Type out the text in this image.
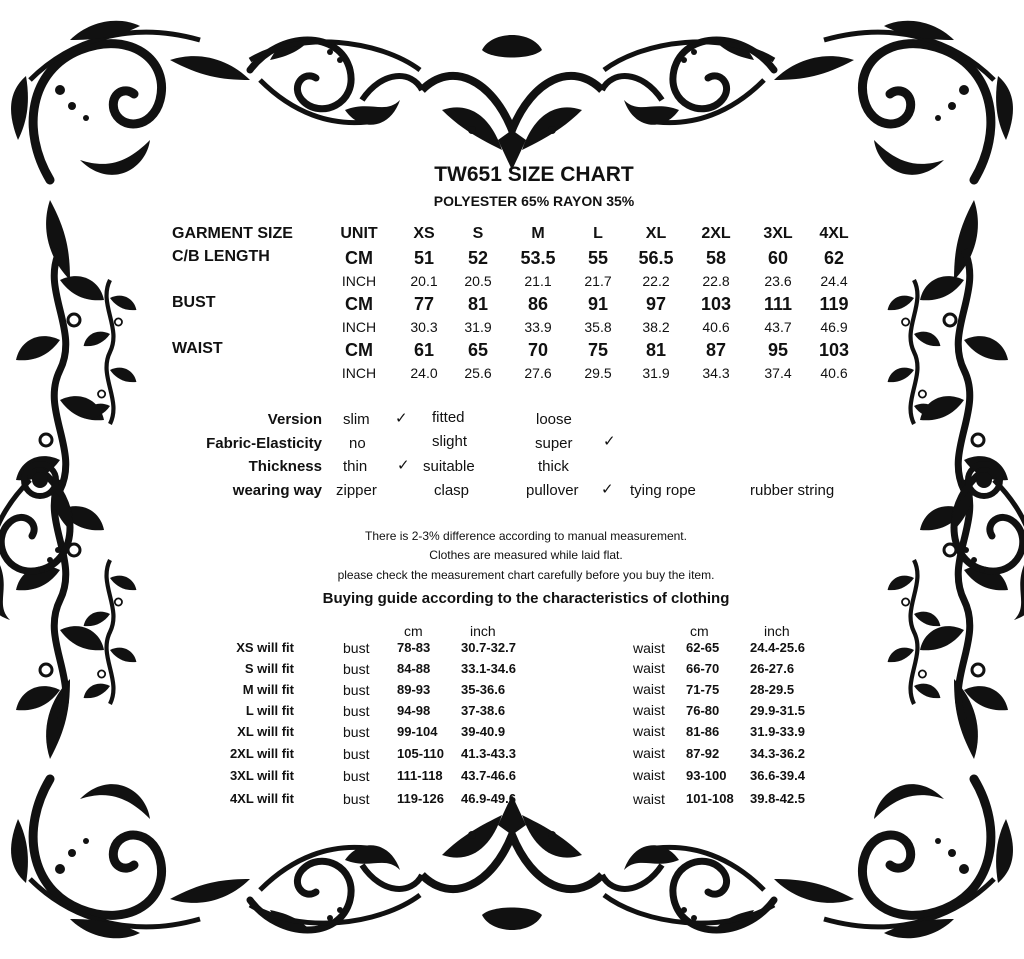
TW651 SIZE CHART
POLYESTER 65% RAYON 35%
GARMENT SIZE	UNIT XS S	M	L	XL 2XL 3XL 4XL
C/B LENGTH	CM 51 52 53.5 55 56.5 58 60 62
INCH 20.1 20.5 21.1 21.7 22.2 22.8 23.6 24.4
BUST	CM 77 81 86 91 97 103 111 119
INCH 30.3 31.9 33.9 35.8 38.2 40.6 43.7 46.9
WAIST	CM 61 65 70 75 81 87 95 103
INCH 24.0 25.6 27.6 29.5 31.9 34.3 37.4 40.6
Version slim ✓ fitted	loose
Fabric-Elasticity no	slight	super ✓
Thickness thin ✓ suitable	thick
wearing way zipper	clasp	pullover ✓ tying rope	rubber string
There is 2-3% difference according to manual measurement.
Clothes are measured while laid flat.
please check the measurement chart carefully before you buy the item.
Buying guide according to the characteristics of clothing
cm	inch	cm	inch
XS will fit	bust 78-83 30.7-32.7	waist 62-65 24.4-25.6
S will fit	bust 84-88 33.1-34.6	waist 66-70 26-27.6
M will fit	bust 89-93 35-36.6	waist 71-75 28-29.5
L will fit	bust 94-98 37-38.6	waist 76-80 29.9-31.5
XL will fit	bust 99-104 39-40.9	waist 81-86 31.9-33.9
2XL will fit	bust 105-110 41.3-43.3	waist 87-92 34.3-36.2
3XL will fit	bust 111-118 43.7-46.6	waist 93-100 36.6-39.4
4XL will fit	bust 119-126 46.9-49.6	waist 101-108 39.8-42.5
